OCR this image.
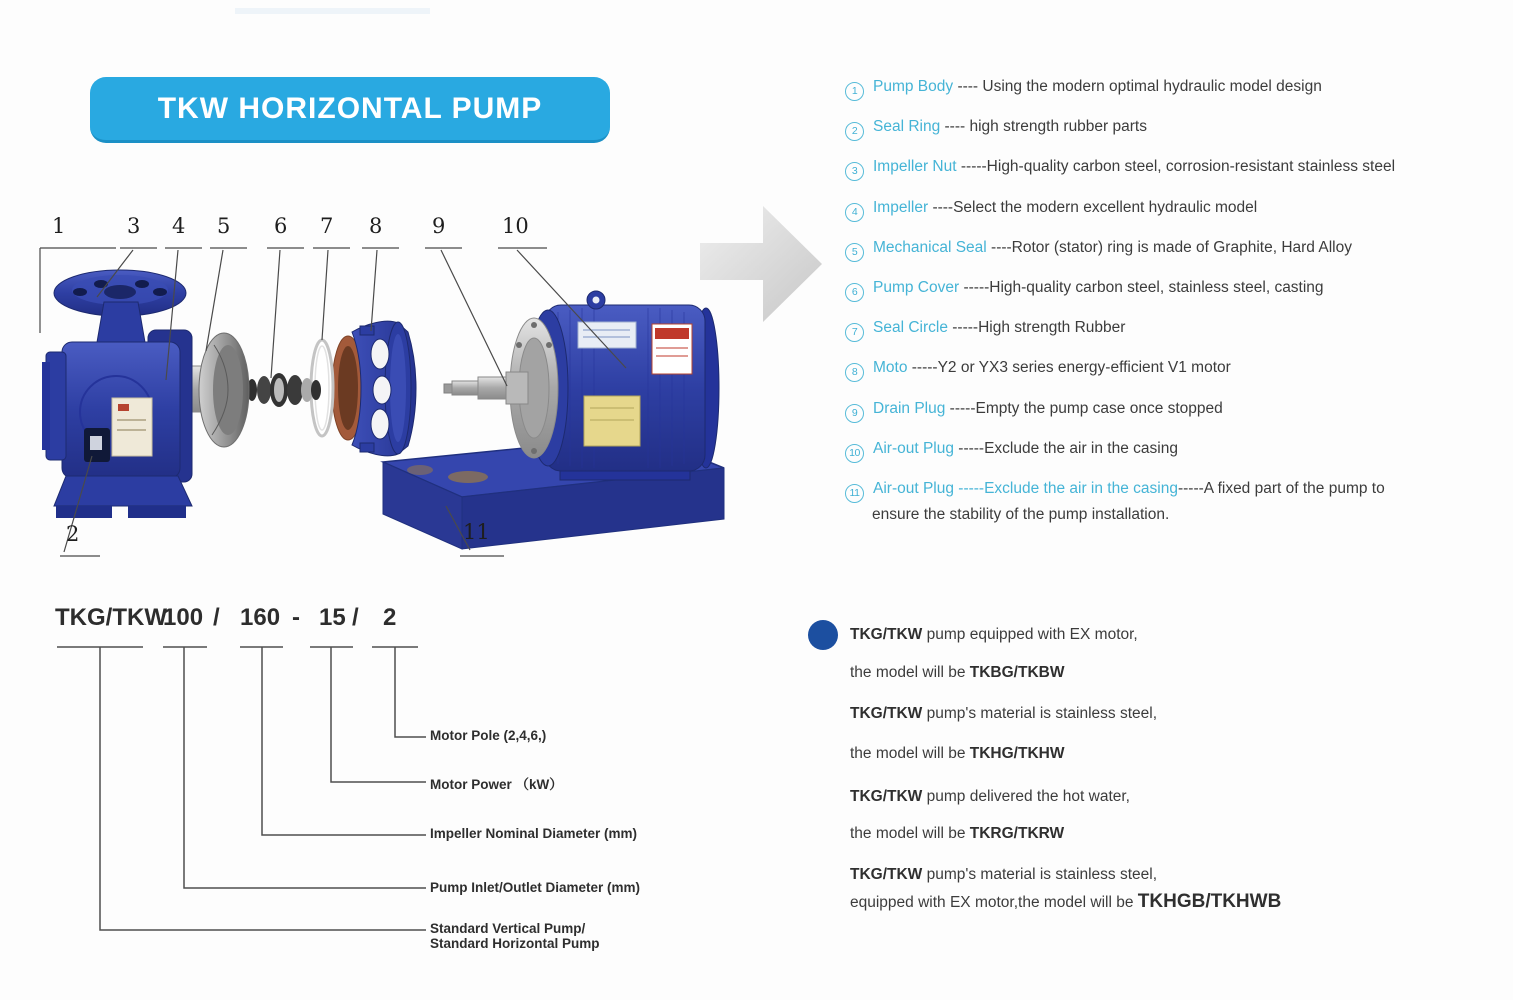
TKW HORIZONTAL PUMP
1	3 4 5 6 7 8 9	10
2	11
1 Pump Body ---- Using the modern optimal hydraulic model design
2 Seal Ring ---- high strength rubber parts
3 Impeller Nut -----High-quality carbon steel, corrosion-resistant stainless steel
4 Impeller ----Select the modern excellent hydraulic model
5 Mechanical Seal ----Rotor (stator) ring is made of Graphite, Hard Alloy
6 Pump Cover -----High-quality carbon steel, stainless steel, casting
7 Seal Circle -----High strength Rubber
8 Moto -----Y2 or YX3 series energy-efficient V1 motor
9 Drain Plug -----Empty the pump case once stopped
10 Air-out Plug -----Exclude the air in the casing
11 Air-out Plug -----Exclude the air in the casing-----A fixed part of the pump to
ensure the stability of the pump installation.
TKG/TKW
100 / 160 - 15 / 2
Motor Pole (2,4,6,)
Motor Power （kW）
Impeller Nominal Diameter (mm)
Pump Inlet/Outlet Diameter (mm)
Standard Vertical Pump/
Standard Horizontal Pump
TKG/TKW pump equipped with EX motor,
the model will be TKBG/TKBW
TKG/TKW pump's material is stainless steel,
the model will be TKHG/TKHW
TKG/TKW pump delivered the hot water,
the model will be TKRG/TKRW
TKG/TKW pump's material is stainless steel,
equipped with EX motor,the model will be TKHGB/TKHWB
